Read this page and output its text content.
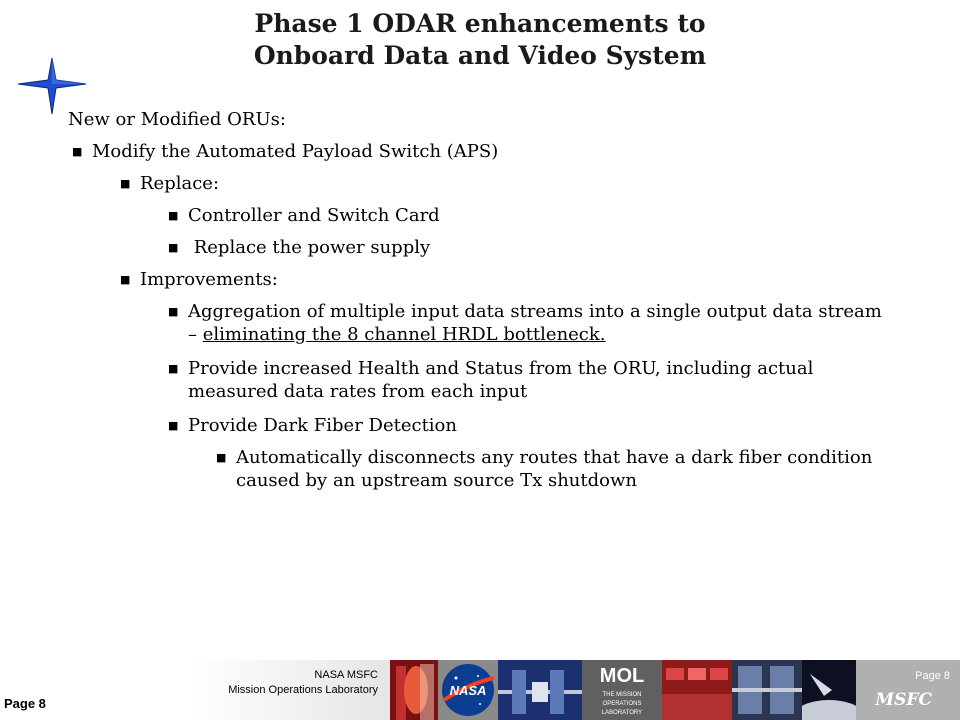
Phase 1 ODAR enhancements to
Onboard Data and Video System
New or Modified ORUs:
■ Modify the Automated Payload Switch (APS)
■ Replace:
■ Controller and Switch Card
■ Replace the power supply
■ Improvements:
■ Aggregation of multiple input data streams into a single output data stream
– eliminating the 8 channel HRDL bottleneck.
■ Provide increased Health and Status from the ORU, including actual
measured data rates from each input
■ Provide Dark Fiber Detection
■ Automatically disconnects any routes that have a dark fiber condition
caused by an upstream source Tx shutdown
Page 8
NASA MSFC
Mission Operations Laboratory	NASA
MOL
THE MISSION
OPERATIONS
LABORATORY
Page 8
MSFC
